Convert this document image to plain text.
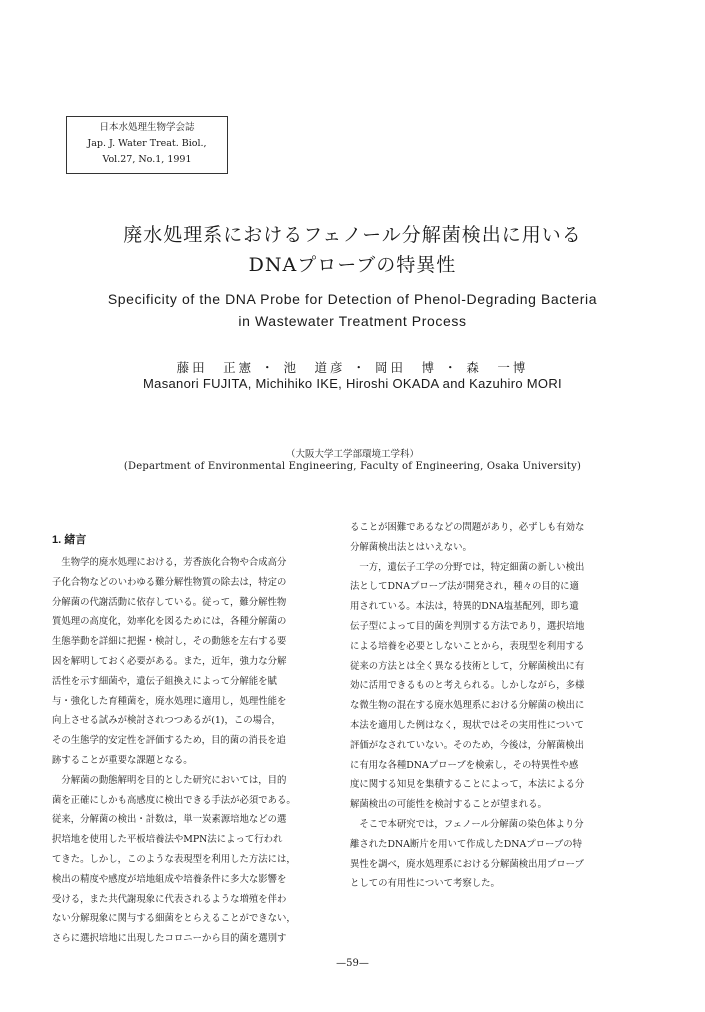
日本水処理生物学会誌
Jap. J. Water Treat. Biol.,
Vol.27, No.1, 1991
廃水処理系におけるフェノール分解菌検出に用いる
DNAプローブの特異性
Specificity of the DNA Probe for Detection of Phenol-Degrading Bacteria
in Wastewater Treatment Process
藤田　正憲 ・ 池　道彦 ・ 岡田　博 ・ 森　一博
Masanori FUJITA, Michihiko IKE, Hiroshi OKADA and Kazuhiro MORI
（大阪大学工学部環境工学科）
(Department of Environmental Engineering, Faculty of Engineering, Osaka University)
1. 緒言
　生物学的廃水処理における，芳香族化合物や合成高分
子化合物などのいわゆる難分解性物質の除去は，特定の
分解菌の代謝活動に依存している。従って，難分解性物
質処理の高度化，効率化を図るためには，各種分解菌の
生態挙動を詳細に把握・検討し，その動態を左右する要
因を解明しておく必要がある。また，近年，強力な分解
活性を示す細菌や，遺伝子組換えによって分解能を賦
与・強化した育種菌を，廃水処理に適用し，処理性能を
向上させる試みが検討されつつあるが(1)，この場合，
その生態学的安定性を評価するため，目的菌の消長を追
跡することが重要な課題となる。
　分解菌の動態解明を目的とした研究においては，目的
菌を正確にしかも高感度に検出できる手法が必須である。
従来，分解菌の検出・計数は，単一炭素源培地などの選
択培地を使用した平板培養法やMPN法によって行われ
てきた。しかし，このような表現型を利用した方法には，
検出の精度や感度が培地組成や培養条件に多大な影響を
受ける，また共代謝現象に代表されるような増殖を伴わ
ない分解現象に関与する細菌をとらえることができない，
さらに選択培地に出現したコロニーから目的菌を選別す
ることが困難であるなどの問題があり，必ずしも有効な
分解菌検出法とはいえない。
　一方，遺伝子工学の分野では，特定細菌の新しい検出
法としてDNAプローブ法が開発され，種々の目的に適
用されている。本法は，特異的DNA塩基配列，即ち遺
伝子型によって目的菌を判別する方法であり，選択培地
による培養を必要としないことから，表現型を利用する
従来の方法とは全く異なる技術として，分解菌検出に有
効に活用できるものと考えられる。しかしながら，多様
な微生物の混在する廃水処理系における分解菌の検出に
本法を適用した例はなく，現状ではその実用性について
評価がなされていない。そのため，今後は，分解菌検出
に有用な各種DNAプローブを検索し，その特異性や感
度に関する知見を集積することによって，本法による分
解菌検出の可能性を検討することが望まれる。
　そこで本研究では，フェノール分解菌の染色体より分
離されたDNA断片を用いて作成したDNAプローブの特
異性を調べ，廃水処理系における分解菌検出用プローブ
としての有用性について考察した。
—59—
